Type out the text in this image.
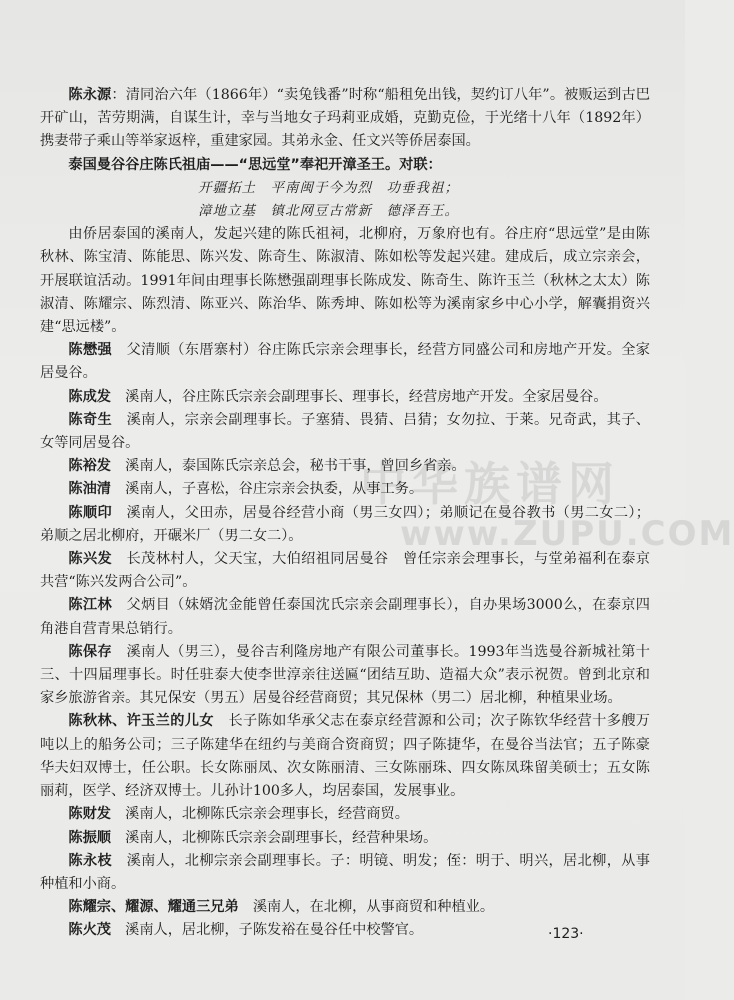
中华族谱网
www.ZUPU.COM

陈永源：清同治六年（1866年）“卖兔钱番”时称“船租免出钱，契约订八年”。被贩运到古巴开矿山，苦劳期满，自谋生计，幸与当地女子玛莉亚成婚，克勤克俭，于光绪十八年（1892年）携妻带子乘山等举家返梓，重建家园。其弟永金、任文兴等侨居泰国。

泰国曼谷谷庄陈氏祖庙——“思远堂”奉祀开漳圣王。对联：

开疆拓土　平南闽于今为烈　功垂我祖；

漳地立基　镇北网豆古常新　德泽吾王。

由侨居泰国的溪南人，发起兴建的陈氏祖祠，北柳府，万象府也有。谷庄府“思远堂”是由陈秋林、陈宝清、陈能思、陈兴发、陈奇生、陈淑清、陈如松等发起兴建。建成后，成立宗亲会，开展联谊活动。1991年间由理事长陈懋强副理事长陈成发、陈奇生、陈许玉兰（秋林之太太）陈淑清、陈耀宗、陈烈清、陈亚兴、陈治华、陈秀坤、陈如松等为溪南家乡中心小学，解囊捐资兴建“思远楼”。

陈懋强　父清顺（东厝寨村）谷庄陈氏宗亲会理事长，经营方同盛公司和房地产开发。全家居曼谷。

陈成发　溪南人，谷庄陈氏宗亲会副理事长、理事长，经营房地产开发。全家居曼谷。

陈奇生　溪南人，宗亲会副理事长。子塞猜、畏猜、吕猜；女勿拉、于莱。兄奇武，其子、女等同居曼谷。

陈裕发　溪南人，泰国陈氏宗亲总会，秘书干事，曾回乡省亲。

陈油清　溪南人，子喜松，谷庄宗亲会执委，从事工务。

陈顺印　溪南人，父田赤，居曼谷经营小商（男三女四）；弟顺记在曼谷教书（男二女二）；弟顺之居北柳府，开碾米厂（男二女二）。

陈兴发　长茂林村人，父天宝，大伯绍祖同居曼谷　曾任宗亲会理事长，与堂弟福利在泰京共营“陈兴发两合公司”。

陈江林　父炳目（妹婿沈金能曾任泰国沈氏宗亲会副理事长），自办果场3000么，在泰京四角港自营青果总销行。

陈保存　溪南人（男三），曼谷吉利隆房地产有限公司董事长。1993年当选曼谷新城社第十三、十四届理事长。时任驻泰大使李世淳亲往送匾“团结互助、造福大众”表示祝贺。曾到北京和家乡旅游省亲。其兄保安（男五）居曼谷经营商贸；其兄保林（男二）居北柳，种植果业场。

陈秋林、许玉兰的儿女　长子陈如华承父志在泰京经营源和公司；次子陈钦华经营十多艘万吨以上的船务公司；三子陈建华在纽约与美商合资商贸；四子陈捷华，在曼谷当法官；五子陈豪华夫妇双博士，任公职。长女陈丽凤、次女陈丽清、三女陈丽珠、四女陈凤珠留美硕士；五女陈丽莉，医学、经济双博士。儿孙计100多人，均居泰国，发展事业。

陈财发　溪南人，北柳陈氏宗亲会理事长，经营商贸。

陈振顺　溪南人，北柳陈氏宗亲会副理事长，经营种果场。

陈永枝　溪南人，北柳宗亲会副理事长。子：明镜、明发；侄：明于、明兴，居北柳，从事种植和小商。

陈耀宗、耀源、耀通三兄弟　溪南人，在北柳，从事商贸和种植业。

陈火茂　溪南人，居北柳，子陈发裕在曼谷任中校警官。	·123·
